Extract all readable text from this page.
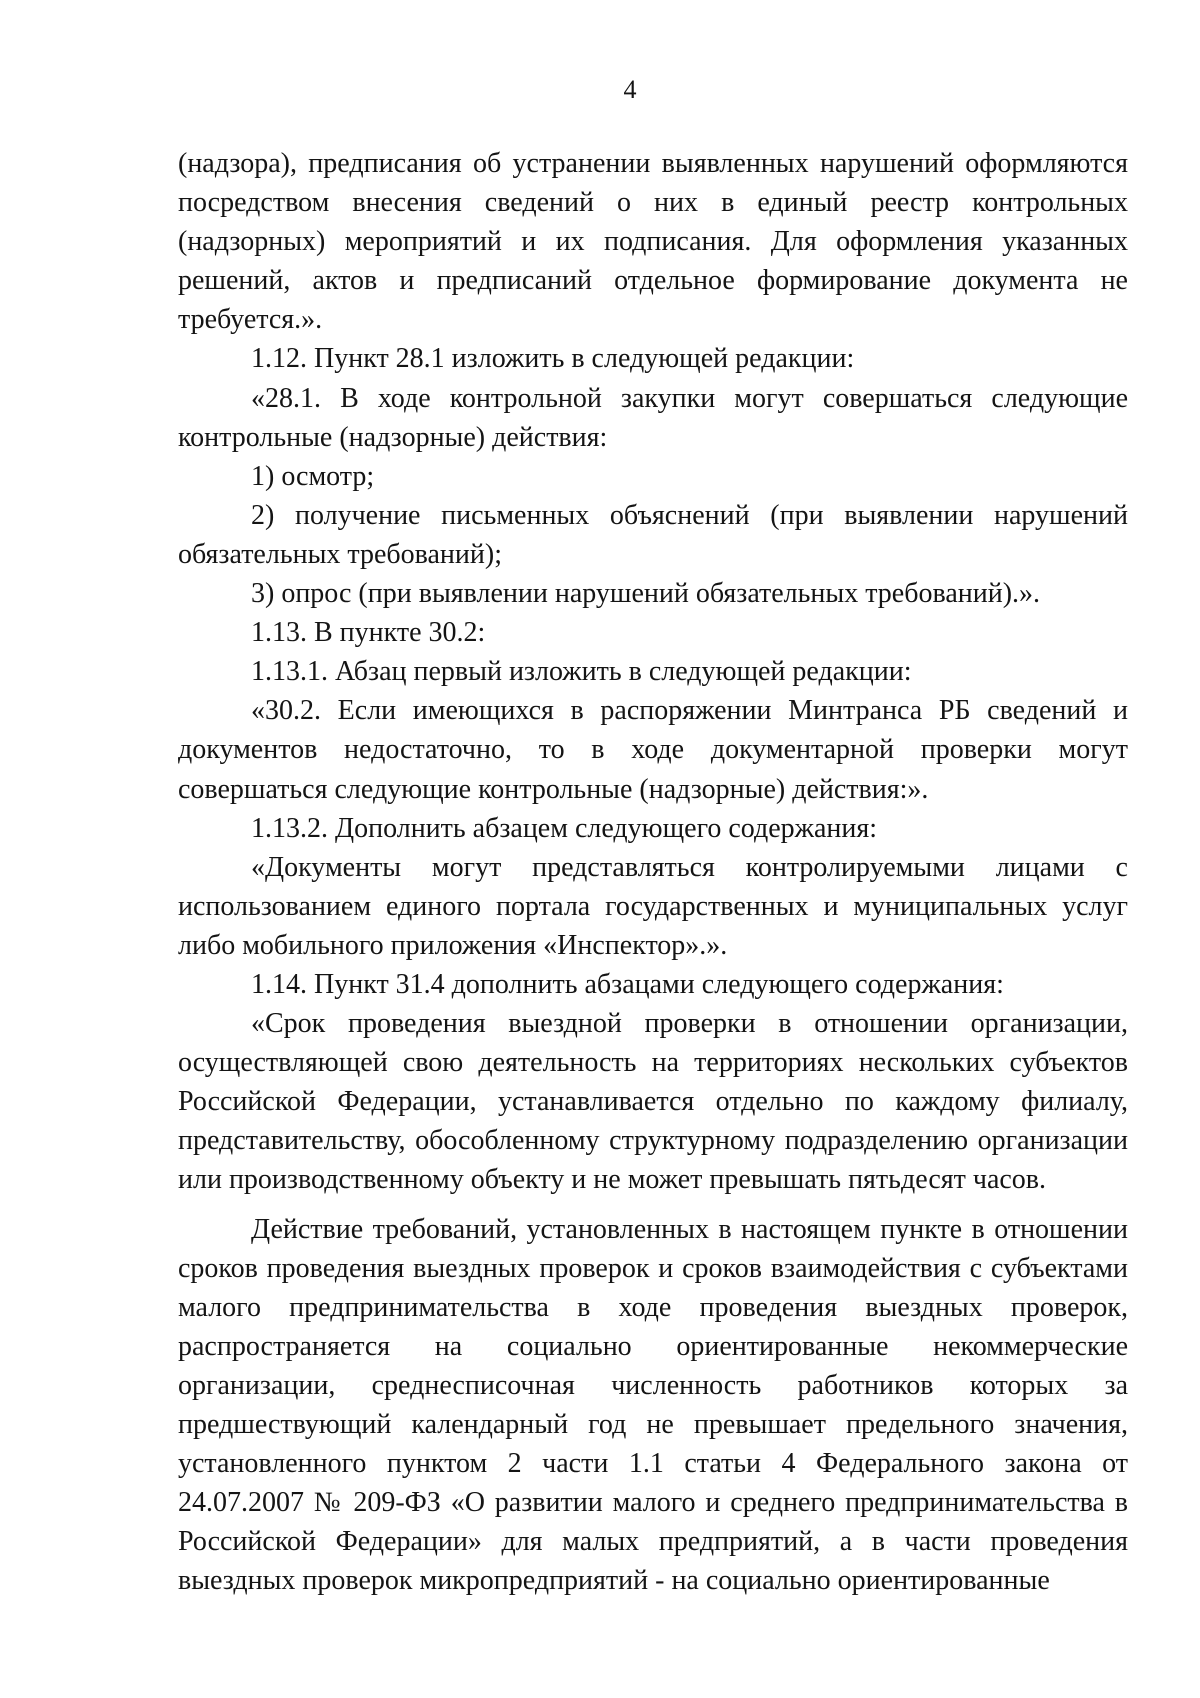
4

(надзора), предписания об устранении выявленных нарушений оформляются посредством внесения сведений о них в единый реестр контрольных (надзорных) мероприятий и их подписания. Для оформления указанных решений, актов и предписаний отдельное формирование документа не требуется.».

1.12. Пункт 28.1 изложить в следующей редакции:

«28.1. В ходе контрольной закупки могут совершаться следующие контрольные (надзорные) действия:

1) осмотр;

2) получение письменных объяснений (при выявлении нарушений обязательных требований);

3) опрос (при выявлении нарушений обязательных требований).».

1.13. В пункте 30.2:

1.13.1. Абзац первый изложить в следующей редакции:

«30.2. Если имеющихся в распоряжении Минтранса РБ сведений и документов недостаточно, то в ходе документарной проверки могут совершаться следующие контрольные (надзорные) действия:».

1.13.2. Дополнить абзацем следующего содержания:

«Документы могут представляться контролируемыми лицами с использованием единого портала государственных и муниципальных услуг либо мобильного приложения «Инспектор».».

1.14. Пункт 31.4 дополнить абзацами следующего содержания:

«Срок проведения выездной проверки в отношении организации, осуществляющей свою деятельность на территориях нескольких субъектов Российской Федерации, устанавливается отдельно по каждому филиалу, представительству, обособленному структурному подразделению организации или производственному объекту и не может превышать пятьдесят часов.

Действие требований, установленных в настоящем пункте в отношении сроков проведения выездных проверок и сроков взаимодействия с субъектами малого предпринимательства в ходе проведения выездных проверок, распространяется на социально ориентированные некоммерческие организации, среднесписочная численность работников которых за предшествующий календарный год не превышает предельного значения, установленного пунктом 2 части 1.1 статьи 4 Федерального закона от 24.07.2007 № 209-ФЗ «О развитии малого и среднего предпринимательства в Российской Федерации» для малых предприятий, а в части проведения выездных проверок микропредприятий - на социально ориентированные
